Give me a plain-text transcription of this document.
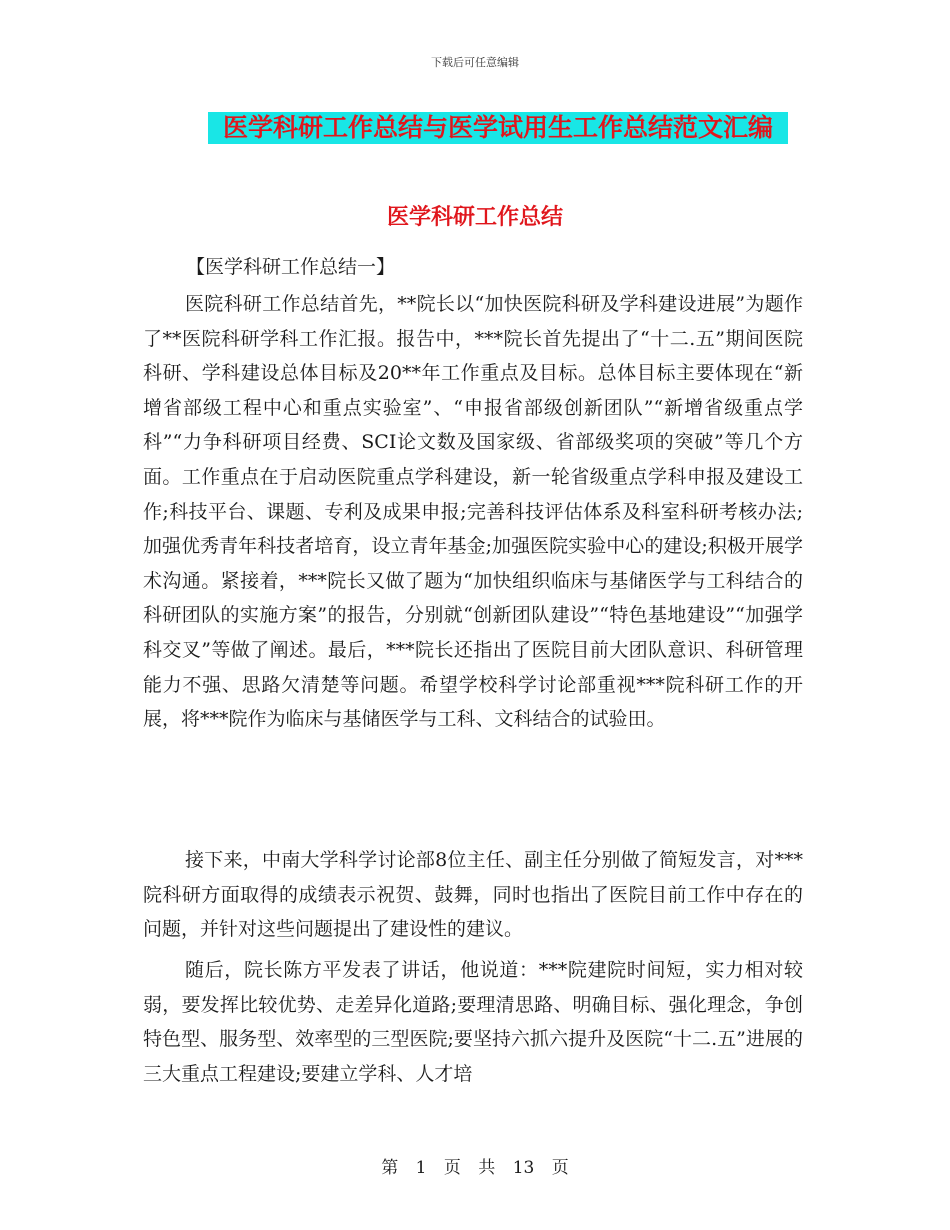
下载后可任意编辑
医学科研工作总结与医学试用生工作总结范文汇编
医学科研工作总结
【医学科研工作总结一】

医院科研工作总结首先，**院长以“加快医院科研及学科建设进展”为题作了**医院科研学科工作汇报。报告中，***院长首先提出了“十二.五”期间医院科研、学科建设总体目标及20**年工作重点及目标。总体目标主要体现在“新增省部级工程中心和重点实验室”、“申报省部级创新团队”“新增省级重点学科”“力争科研项目经费、SCI论文数及国家级、省部级奖项的突破”等几个方面。工作重点在于启动医院重点学科建设，新一轮省级重点学科申报及建设工作;科技平台、课题、专利及成果申报;完善科技评估体系及科室科研考核办法;加强优秀青年科技者培育，设立青年基金;加强医院实验中心的建设;积极开展学术沟通。紧接着，***院长又做了题为“加快组织临床与基储医学与工科结合的科研团队的实施方案”的报告，分别就“创新团队建设”“特色基地建设”“加强学科交叉”等做了阐述。最后，***院长还指出了医院目前大团队意识、科研管理能力不强、思路欠清楚等问题。希望学校科学讨论部重视***院科研工作的开展，将***院作为临床与基储医学与工科、文科结合的试验田。

接下来，中南大学科学讨论部8位主任、副主任分别做了简短发言，对***院科研方面取得的成绩表示祝贺、鼓舞，同时也指出了医院目前工作中存在的问题，并针对这些问题提出了建设性的建议。

随后，院长陈方平发表了讲话，他说道：***院建院时间短，实力相对较弱，要发挥比较优势、走差异化道路;要理清思路、明确目标、强化理念，争创特色型、服务型、效率型的三型医院;要坚持六抓六提升及医院“十二.五”进展的三大重点工程建设;要建立学科、人才培

第 1 页 共 13 页
